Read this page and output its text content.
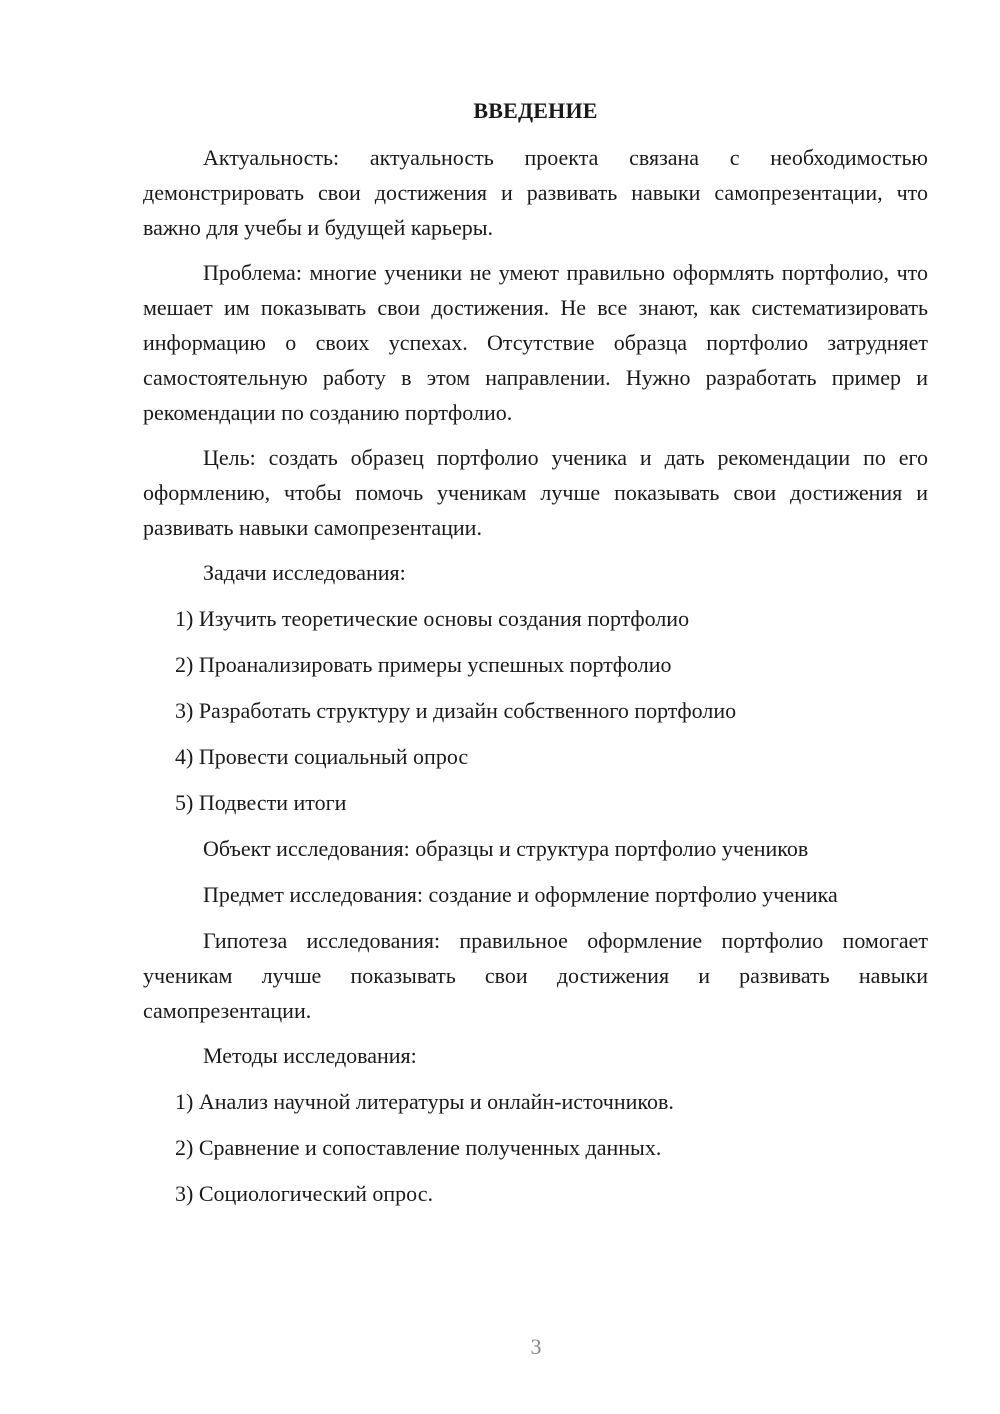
ВВЕДЕНИЕ

Актуальность: актуальность проекта связана с необходимостью демонстрировать свои достижения и развивать навыки самопрезентации, что важно для учебы и будущей карьеры.

Проблема: многие ученики не умеют правильно оформлять портфолио, что мешает им показывать свои достижения. Не все знают, как систематизировать информацию о своих успехах. Отсутствие образца портфолио затрудняет самостоятельную работу в этом направлении. Нужно разработать пример и рекомендации по созданию портфолио.

Цель: создать образец портфолио ученика и дать рекомендации по его оформлению, чтобы помочь ученикам лучше показывать свои достижения и развивать навыки самопрезентации.

Задачи исследования:
1) Изучить теоретические основы создания портфолио
2) Проанализировать примеры успешных портфолио
3) Разработать структуру и дизайн собственного портфолио
4) Провести социальный опрос
5) Подвести итоги
Объект исследования: образцы и структура портфолио учеников
Предмет исследования: создание и оформление портфолио ученика

Гипотеза исследования: правильное оформление портфолио помогает ученикам лучше показывать свои достижения и развивать навыки самопрезентации.

Методы исследования:
1) Анализ научной литературы и онлайн-источников.
2) Сравнение и сопоставление полученных данных.
3) Социологический опрос.
3
